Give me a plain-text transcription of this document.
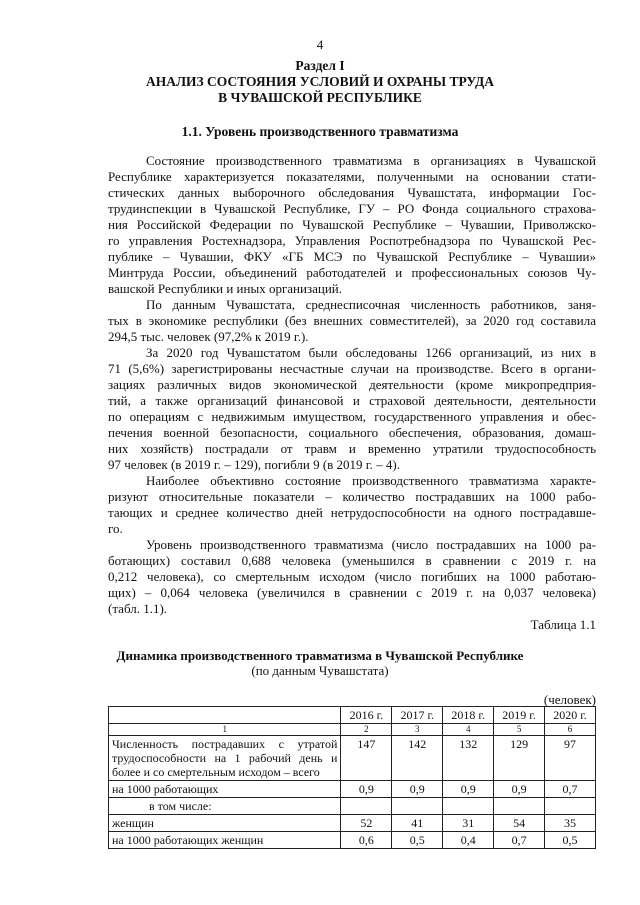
4
Раздел I
АНАЛИЗ СОСТОЯНИЯ УСЛОВИЙ И ОХРАНЫ ТРУДА
В ЧУВАШСКОЙ РЕСПУБЛИКЕ
1.1. Уровень производственного травматизма
Состояние производственного травматизма в организациях в Чувашской
Республике характеризуется показателями, полученными на основании стати-
стических данных выборочного обследования Чувашстата, информации Гос-
трудинспекции в Чувашской Республике, ГУ – РО Фонда социального страхова-
ния Российской Федерации по Чувашской Республике – Чувашии, Приволжско-
го управления Ростехнадзора, Управления Роспотребнадзора по Чувашской Рес-
публике – Чувашии, ФКУ «ГБ МСЭ по Чувашской Республике – Чувашии»
Минтруда России, объединений работодателей и профессиональных союзов Чу-
вашской Республики и иных организаций.
По данным Чувашстата, среднесписочная численность работников, заня-
тых в экономике республики (без внешних совместителей), за 2020 год составила
294,5 тыс. человек (97,2% к 2019 г.).
За 2020 год Чувашстатом были обследованы 1266 организаций, из них в
71 (5,6%) зарегистрированы несчастные случаи на производстве. Всего в органи-
зациях различных видов экономической деятельности (кроме микропредприя-
тий, а также организаций финансовой и страховой деятельности, деятельности
по операциям с недвижимым имуществом, государственного управления и обес-
печения военной безопасности, социального обеспечения, образования, домаш-
них хозяйств) пострадали от травм и временно утратили трудоспособность
97 человек (в 2019 г. – 129), погибли 9 (в 2019 г. – 4).
Наиболее объективно состояние производственного травматизма характе-
ризуют относительные показатели – количество пострадавших на 1000 рабо-
тающих и среднее количество дней нетрудоспособности на одного пострадавше-
го.
Уровень производственного травматизма (число пострадавших на 1000 ра-
ботающих) составил 0,688 человека (уменьшился в сравнении с 2019 г. на
0,212 человека), со смертельным исходом (число погибших на 1000 работаю-
щих) – 0,064 человека (увеличился в сравнении с 2019 г. на 0,037 человека)
(табл. 1.1).
Таблица 1.1
Динамика производственного травматизма в Чувашской Республике
(по данным Чувашстата)
(человек)
	2016 г.	2017 г.	2018 г.	2019 г.	2020 г.
1	2	3	4	5	6
Численность пострадавших с утратой трудоспособности на 1 рабочий день и более и со смертельным исходом – всего	147	142	132	129	97
на 1000 работающих	0,9	0,9	0,9	0,9	0,7
в том числе:					
женщин	52	41	31	54	35
на 1000 работающих женщин	0,6	0,5	0,4	0,7	0,5
